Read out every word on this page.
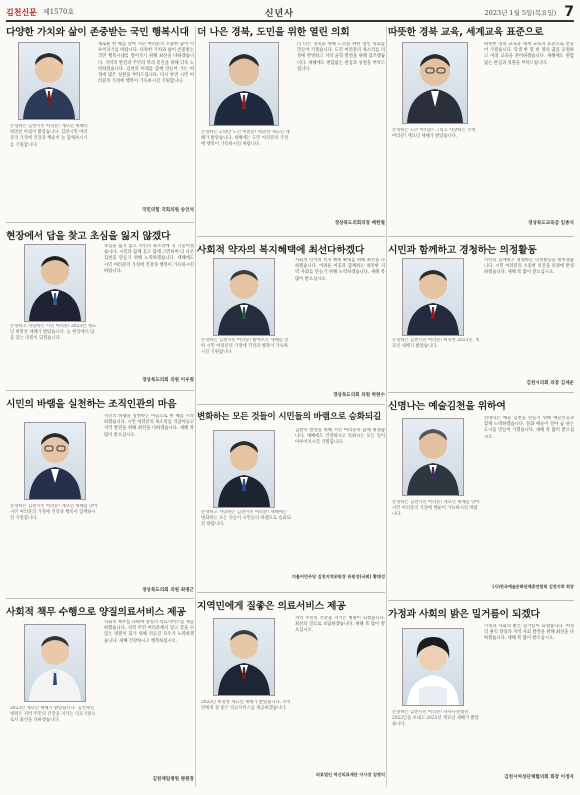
김천신문 제1570호	신년사	2023년 1월 5일(목요일) 7
다양한 가치와 삶이 존중받는 국민 행복시대
존경하는 김천시민 여러분! 계묘년 새해의 희망찬 아침이 밝았습니다. 김천시민 여러분의 가정에 건강과 행운이 늘 함께하시기를 기원합니다.
새로운 한 해를 맞아 시민 여러분의 소중한 꿈이 이루어지기를 바랍니다. 다양한 가치와 삶이 존중받는 국민 행복시대를 열어가기 위해 최선을 다하겠습니다. 지역의 발전과 주민의 복리 증진을 위해 더욱 노력하겠습니다. 김천의 미래를 함께 만들어 가는 여정에 많은 성원을 부탁드립니다. 다시 한번 시민 여러분의 가정에 행복이 가득하시길 기원합니다.
국민의힘 국회의원 송언석
현장에서 답을 찾고 초심을 잃지 않겠다
존경하고 사랑하는 시민 여러분! 2023년 계묘년 희망찬 새해가 밝았습니다. 늘 현장에서 답을 찾는 의원이 되겠습니다.
초심을 잃지 않고 시민의 목소리에 귀 기울이겠습니다. 시민과 함께 웃고 함께 고민하며 더 나은 김천을 만들기 위해 노력하겠습니다. 새해에도 시민 여러분의 가정에 건강과 행복이 가득하시길 바랍니다.
경상북도의회 의원 이우청
시민의 바램을 실천하는 조직인관의 마음
존경하는 김천시민 여러분! 계묘년 새해를 맞아 시민 여러분의 가정에 건강과 행복이 함께하시길 기원합니다.
시민의 바램을 실천하는 마음으로 한 해를 시작하겠습니다. 시민 여러분의 목소리를 귀담아듣고 지역 발전을 위해 최선을 다하겠습니다. 새해 복 많이 받으십시오.
경상북도의회 의원 최병근
사회적 책무 수행으로 양질의료서비스 제공
2023년 계묘년 새해가 밝았습니다. 김천제일병원은 지역 주민의 건강을 지키는 의료기관으로서 최선을 다하겠습니다.
사회적 책무를 다하며 양질의 의료서비스를 제공하겠습니다. 지역 주민 여러분께서 믿고 찾을 수 있는 병원이 되기 위해 의료진 모두가 노력하겠습니다. 새해 건강하시고 행복하십시오.
김천제일병원 병원장
더 나은 경북, 도민을 위한 열린 의회
존경하는 270만 도민 여러분! 희망찬 계묘년 새해가 밝았습니다. 새해에는 도민 여러분의 가정에 행복이 가득하시길 바랍니다.
더 나은 경북을 위해 도민을 위한 열린 의회를 만들어 가겠습니다. 도민 여러분의 목소리를 의정에 반영하고 지역 균형 발전을 위해 힘쓰겠습니다. 새해에도 변함없는 관심과 성원을 부탁드립니다.
경상북도의회의장 배한철
사회적 약자의 복지혜택에 최선다하겠다
존경하는 김천시민 여러분! 밝아오는 새해를 맞아 시민 여러분의 가정에 건강과 행복이 가득하시길 기원합니다.
사회적 약자의 복지 혜택 확대를 위해 최선을 다하겠습니다. 어려운 이웃과 함께하는 따뜻한 지역 사회를 만들기 위해 노력하겠습니다. 새해 복 많이 받으십시오.
경상북도의회 의원 박판수
변화하는 모든 것들이 시민들의 바램으로 승화되길
존경하고 사랑하는 김천시민 여러분! 새해에는 변화하는 모든 것들이 시민들의 바램으로 승화되길 바랍니다.
김천의 발전을 위해 시민 여러분과 함께 뛰겠습니다. 새해에도 건강하시고 뜻하시는 모든 일이 이루어지시길 기원합니다.
더불어민주당 김천지역위원장 위원장(국회) 황태성
지역민에게 질좋은 의료서비스 제공
2023년 희망찬 계묘년 새해가 밝았습니다. 지역민에게 질 좋은 의료서비스를 제공하겠습니다.
지역 주민의 건강을 지키는 병원이 되겠습니다. 최선의 진료로 보답하겠습니다. 새해 복 많이 받으십시오.
의료법인 덕산의료재단 이사장 김병익
따뜻한 경북 교육, 세계교육 표준으로
존경하는 도민 여러분! 그리고 사랑하는 학생 여러분! 계묘년 새해가 밝았습니다.
따뜻한 경북 교육을 세계 교육의 표준으로 만들어 가겠습니다. 학생 한 명 한 명의 꿈을 응원하고 미래 교육을 준비하겠습니다. 새해에도 변함없는 관심과 성원을 부탁드립니다.
경상북도교육감 임종식
시민과 함께하고 경청하는 의정활동
존경하는 김천시민 여러분! 희망찬 2023년, 계묘년 새해가 밝았습니다.
시민과 함께하고 경청하는 의정활동을 펼치겠습니다. 시민 여러분의 소중한 의견을 의정에 반영하겠습니다. 새해 복 많이 받으십시오.
김천시의회 의장 김세운
신명나는 예술김천을 위하여
존경하는 김천시민 여러분! 계묘년 새해를 맞아 시민 여러분의 가정에 행운이 가득하시길 바랍니다.
신명나는 예술 김천을 만들기 위해 예술인들과 함께 노력하겠습니다. 문화 예술이 살아 숨 쉬는 도시를 만들어 가겠습니다. 새해 복 많이 받으십시오.
(사)한국예술문화단체총연합회 김천지회 회장
가정과 사회의 밝은 밀거름이 되겠다
존경하는 김천시민 여러분! 다사다난했던 2022년을 보내고 2023년 계묘년 새해가 밝았습니다.
가정과 사회의 밝은 밀거름이 되겠습니다. 여성의 권익 향상과 지역 사회 발전을 위해 최선을 다하겠습니다. 새해 복 많이 받으십시오.
김천시여성단체협의회 회장 이정자
